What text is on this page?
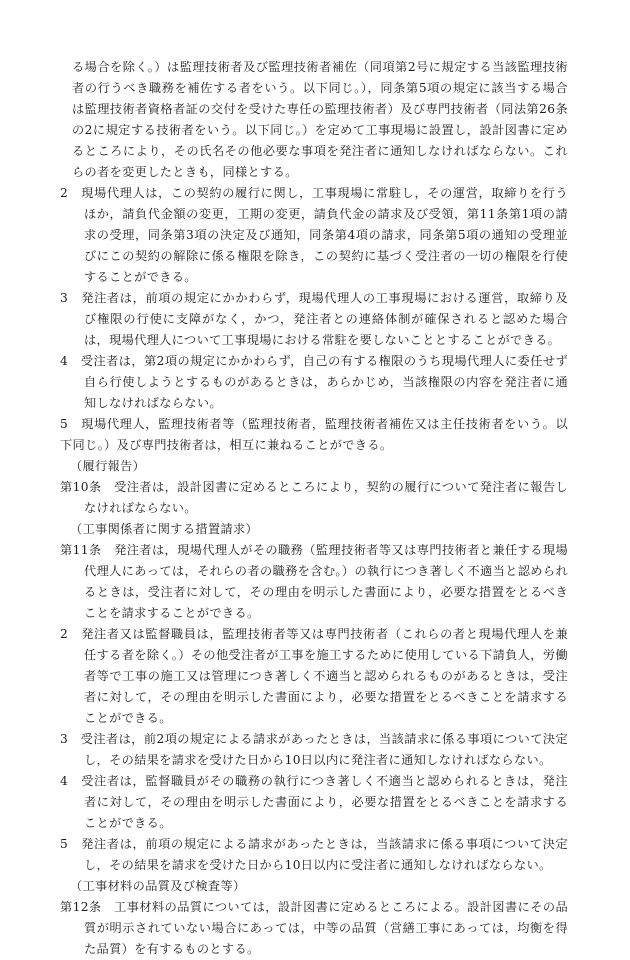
る場合を除く。）は監理技術者及び監理技術者補佐（同項第2号に規定する当該監理技術者の行うべき職務を補佐する者をいう。以下同じ。），同条第5項の規定に該当する場合は監理技術者資格者証の交付を受けた専任の監理技術者）及び専門技術者（同法第26条の2に規定する技術者をいう。以下同じ。）を定めて工事現場に設置し，設計図書に定めるところにより，その氏名その他必要な事項を発注者に通知しなければならない。これらの者を変更したときも，同様とする。

2　現場代理人は，この契約の履行に関し，工事現場に常駐し，その運営，取締りを行うほか，請負代金額の変更，工期の変更，請負代金の請求及び受領，第11条第1項の請求の受理，同条第3項の決定及び通知，同条第4項の請求，同条第5項の通知の受理並びにこの契約の解除に係る権限を除き，この契約に基づく受注者の一切の権限を行使することができる。

3　発注者は，前項の規定にかかわらず，現場代理人の工事現場における運営，取締り及び権限の行使に支障がなく，かつ，発注者との連絡体制が確保されると認めた場合は，現場代理人について工事現場における常駐を要しないこととすることができる。

4　受注者は，第2項の規定にかかわらず，自己の有する権限のうち現場代理人に委任せず自ら行使しようとするものがあるときは，あらかじめ，当該権限の内容を発注者に通知しなければならない。

5　現場代理人，監理技術者等（監理技術者，監理技術者補佐又は主任技術者をいう。以下同じ。）及び専門技術者は，相互に兼ねることができる。

（履行報告）

第10条　受注者は，設計図書に定めるところにより，契約の履行について発注者に報告しなければならない。

（工事関係者に関する措置請求）

第11条　発注者は，現場代理人がその職務（監理技術者等又は専門技術者と兼任する現場代理人にあっては，それらの者の職務を含む。）の執行につき著しく不適当と認められるときは，受注者に対して，その理由を明示した書面により，必要な措置をとるべきことを請求することができる。

2　発注者又は監督職員は，監理技術者等又は専門技術者（これらの者と現場代理人を兼任する者を除く。）その他受注者が工事を施工するために使用している下請負人，労働者等で工事の施工又は管理につき著しく不適当と認められるものがあるときは，受注者に対して，その理由を明示した書面により，必要な措置をとるべきことを請求することができる。

3　受注者は，前2項の規定による請求があったときは，当該請求に係る事項について決定し，その結果を請求を受けた日から10日以内に発注者に通知しなければならない。

4　受注者は，監督職員がその職務の執行につき著しく不適当と認められるときは，発注者に対して，その理由を明示した書面により，必要な措置をとるべきことを請求することができる。

5　発注者は，前項の規定による請求があったときは，当該請求に係る事項について決定し，その結果を請求を受けた日から10日以内に受注者に通知しなければならない。

（工事材料の品質及び検査等）

第12条　工事材料の品質については，設計図書に定めるところによる。設計図書にその品質が明示されていない場合にあっては，中等の品質（営繕工事にあっては，均衡を得た品質）を有するものとする。
